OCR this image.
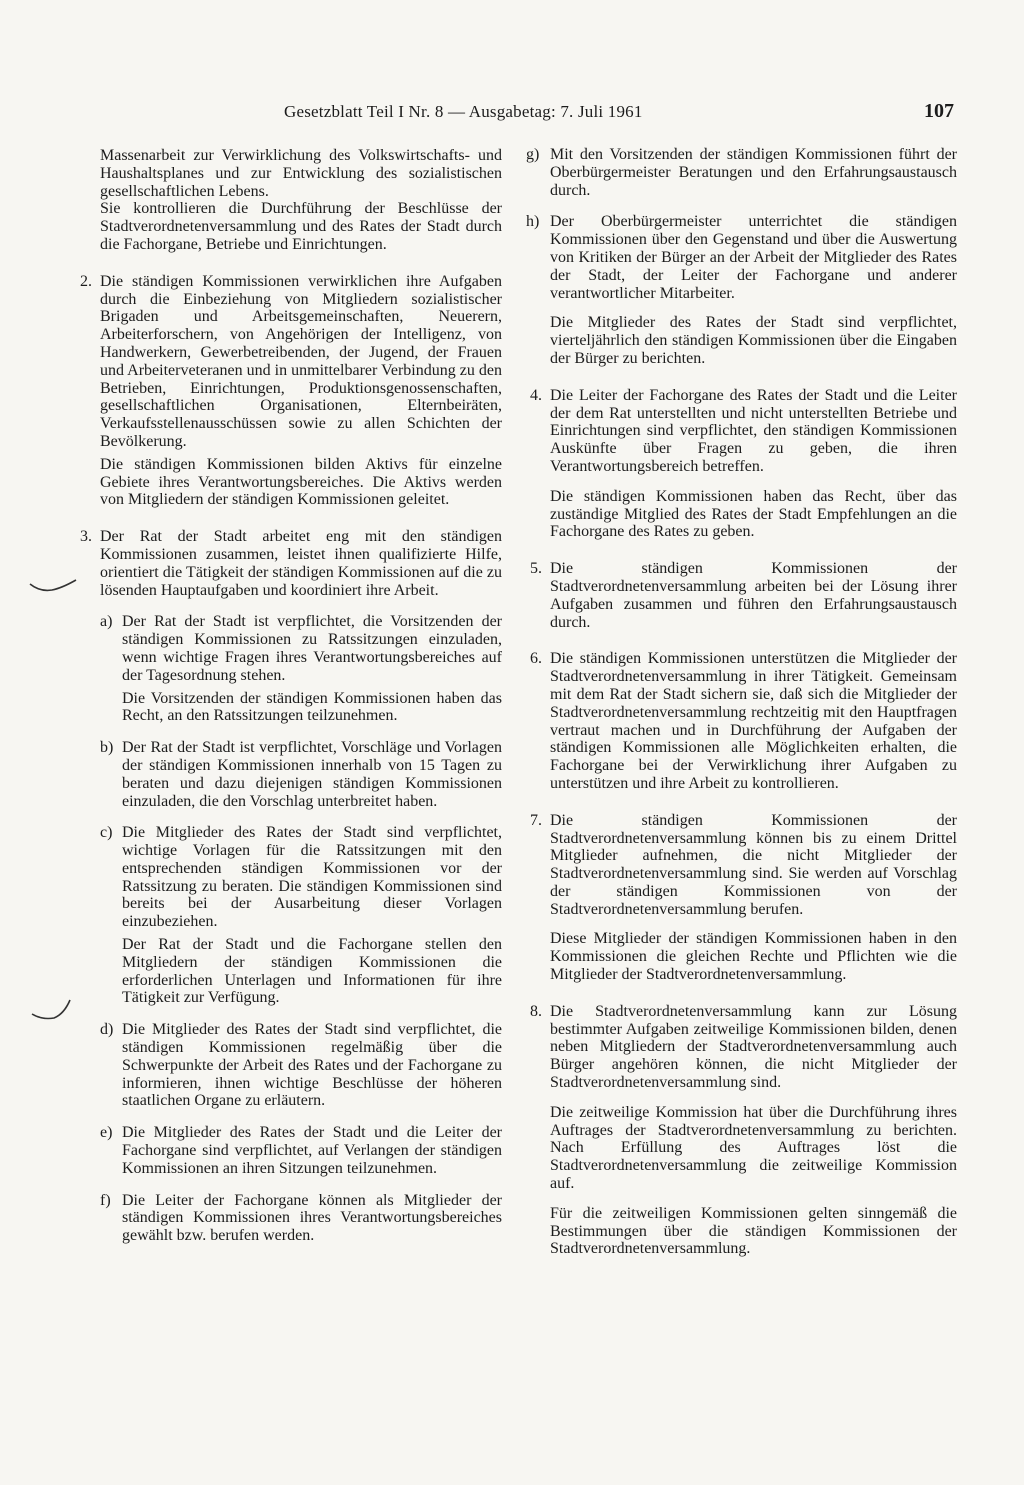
Gesetzblatt Teil I Nr. 8 — Ausgabetag: 7. Juli 1961	107

Massenarbeit zur Verwirklichung des Volkswirtschafts- und Haushaltsplanes und zur Entwicklung des sozialistischen gesellschaftlichen Lebens.

Sie kontrollieren die Durchführung der Beschlüsse der Stadtverordnetenversammlung und des Rates der Stadt durch die Fachorgane, Betriebe und Einrichtungen.

2. Die ständigen Kommissionen verwirklichen ihre Aufgaben durch die Einbeziehung von Mitgliedern sozialistischer Brigaden und Arbeitsgemeinschaften, Neuerern, Arbeiterforschern, von Angehörigen der Intelligenz, von Handwerkern, Gewerbetreibenden, der Jugend, der Frauen und Arbeiterveteranen und in unmittelbarer Verbindung zu den Betrieben, Einrichtungen, Produktionsgenossenschaften, gesellschaftlichen Organisationen, Elternbeiräten, Verkaufsstellenausschüssen sowie zu allen Schichten der Bevölkerung.

Die ständigen Kommissionen bilden Aktivs für einzelne Gebiete ihres Verantwortungsbereiches. Die Aktivs werden von Mitgliedern der ständigen Kommissionen geleitet.

3. Der Rat der Stadt arbeitet eng mit den ständigen Kommissionen zusammen, leistet ihnen qualifizierte Hilfe, orientiert die Tätigkeit der ständigen Kommissionen auf die zu lösenden Hauptaufgaben und koordiniert ihre Arbeit.

a) Der Rat der Stadt ist verpflichtet, die Vorsitzenden der ständigen Kommissionen zu Ratssitzungen einzuladen, wenn wichtige Fragen ihres Verantwortungsbereiches auf der Tagesordnung stehen.

Die Vorsitzenden der ständigen Kommissionen haben das Recht, an den Ratssitzungen teilzunehmen.

b) Der Rat der Stadt ist verpflichtet, Vorschläge und Vorlagen der ständigen Kommissionen innerhalb von 15 Tagen zu beraten und dazu diejenigen ständigen Kommissionen einzuladen, die den Vorschlag unterbreitet haben.

c) Die Mitglieder des Rates der Stadt sind verpflichtet, wichtige Vorlagen für die Ratssitzungen mit den entsprechenden ständigen Kommissionen vor der Ratssitzung zu beraten. Die ständigen Kommissionen sind bereits bei der Ausarbeitung dieser Vorlagen einzubeziehen.

Der Rat der Stadt und die Fachorgane stellen den Mitgliedern der ständigen Kommissionen die erforderlichen Unterlagen und Informationen für ihre Tätigkeit zur Verfügung.

d) Die Mitglieder des Rates der Stadt sind verpflichtet, die ständigen Kommissionen regelmäßig über die Schwerpunkte der Arbeit des Rates und der Fachorgane zu informieren, ihnen wichtige Beschlüsse der höheren staatlichen Organe zu erläutern.

e) Die Mitglieder des Rates der Stadt und die Leiter der Fachorgane sind verpflichtet, auf Verlangen der ständigen Kommissionen an ihren Sitzungen teilzunehmen.

f) Die Leiter der Fachorgane können als Mitglieder der ständigen Kommissionen ihres Verantwortungsbereiches gewählt bzw. berufen werden.

g) Mit den Vorsitzenden der ständigen Kommissionen führt der Oberbürgermeister Beratungen und den Erfahrungsaustausch durch.

h) Der Oberbürgermeister unterrichtet die ständigen Kommissionen über den Gegenstand und über die Auswertung von Kritiken der Bürger an der Arbeit der Mitglieder des Rates der Stadt, der Leiter der Fachorgane und anderer verantwortlicher Mitarbeiter.

Die Mitglieder des Rates der Stadt sind verpflichtet, vierteljährlich den ständigen Kommissionen über die Eingaben der Bürger zu berichten.

4. Die Leiter der Fachorgane des Rates der Stadt und die Leiter der dem Rat unterstellten und nicht unterstellten Betriebe und Einrichtungen sind verpflichtet, den ständigen Kommissionen Auskünfte über Fragen zu geben, die ihren Verantwortungsbereich betreffen.

Die ständigen Kommissionen haben das Recht, über das zuständige Mitglied des Rates der Stadt Empfehlungen an die Fachorgane des Rates zu geben.

5. Die ständigen Kommissionen der Stadtverordnetenversammlung arbeiten bei der Lösung ihrer Aufgaben zusammen und führen den Erfahrungsaustausch durch.

6. Die ständigen Kommissionen unterstützen die Mitglieder der Stadtverordnetenversammlung in ihrer Tätigkeit. Gemeinsam mit dem Rat der Stadt sichern sie, daß sich die Mitglieder der Stadtverordnetenversammlung rechtzeitig mit den Hauptfragen vertraut machen und in Durchführung der Aufgaben der ständigen Kommissionen alle Möglichkeiten erhalten, die Fachorgane bei der Verwirklichung ihrer Aufgaben zu unterstützen und ihre Arbeit zu kontrollieren.

7. Die ständigen Kommissionen der Stadtverordnetenversammlung können bis zu einem Drittel Mitglieder aufnehmen, die nicht Mitglieder der Stadtverordnetenversammlung sind. Sie werden auf Vorschlag der ständigen Kommissionen von der Stadtverordnetenversammlung berufen.

Diese Mitglieder der ständigen Kommissionen haben in den Kommissionen die gleichen Rechte und Pflichten wie die Mitglieder der Stadtverordnetenversammlung.

8. Die Stadtverordnetenversammlung kann zur Lösung bestimmter Aufgaben zeitweilige Kommissionen bilden, denen neben Mitgliedern der Stadtverordnetenversammlung auch Bürger angehören können, die nicht Mitglieder der Stadtverordnetenversammlung sind.

Die zeitweilige Kommission hat über die Durchführung ihres Auftrages der Stadtverordnetenversammlung zu berichten. Nach Erfüllung des Auftrages löst die Stadtverordnetenversammlung die zeitweilige Kommission auf.

Für die zeitweiligen Kommissionen gelten sinngemäß die Bestimmungen über die ständigen Kommissionen der Stadtverordnetenversammlung.
